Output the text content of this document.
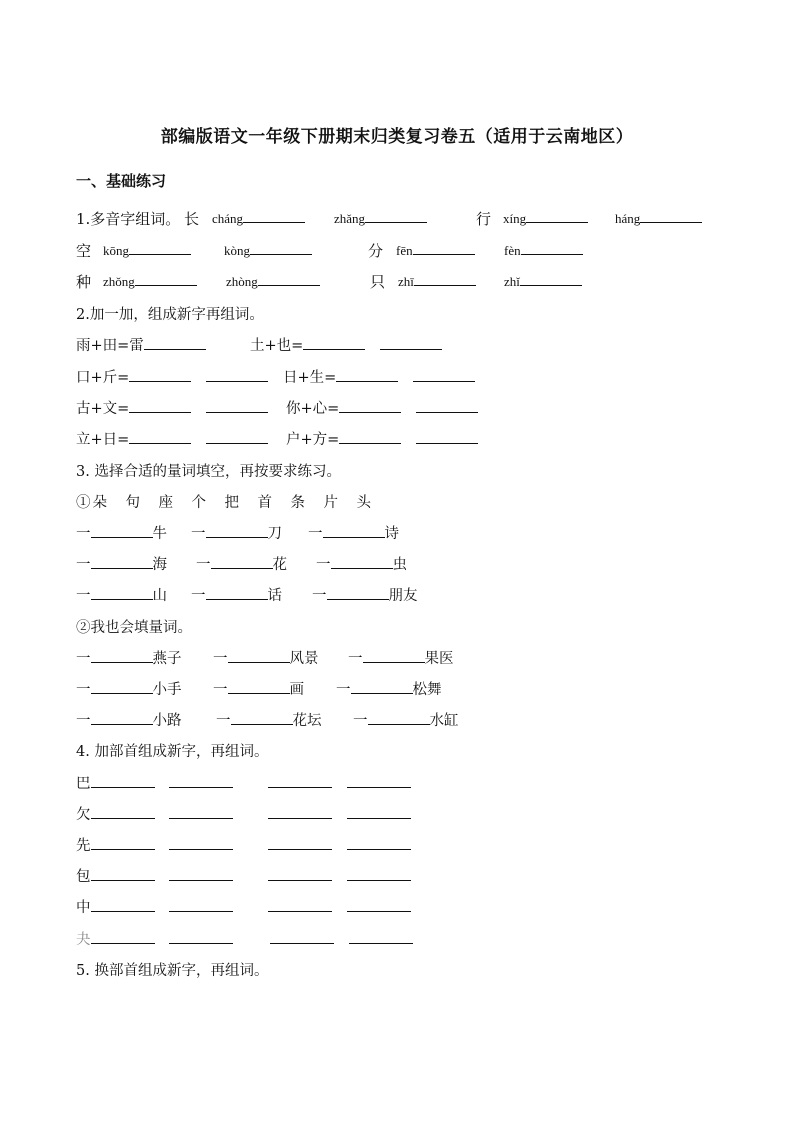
部编版语文一年级下册期末归类复习卷五（适用于云南地区）
一、基础练习
1.多音字组词。 长 cháng	zhǎng	行 xíng	háng
空 kōng	kòng	分 fēn	fèn
种 zhǒng	zhòng	只 zhī	zhǐ
2.加一加，组成新字再组词。
雨+田=雷	土+也=　
口+斤=　	日+生=　
古+文=　	你+心=　
立+日=　	户+方=　
3. 选择合适的量词填空，再按要求练习。
①朵　句　座　个　把　首　条　片　头
一	牛 一	刀 一	诗
一	海 一	花 一	虫
一	山 一	话 一	朋友
②我也会填量词。
一	燕子 一	风景 一	果医
一	小手 一	画 一	松舞
一	小路 一	花坛 一	水缸
4. 加部首组成新字，再组词。
巴　

欠　

先　

包　

中　

夬　

5. 换部首组成新字，再组词。
